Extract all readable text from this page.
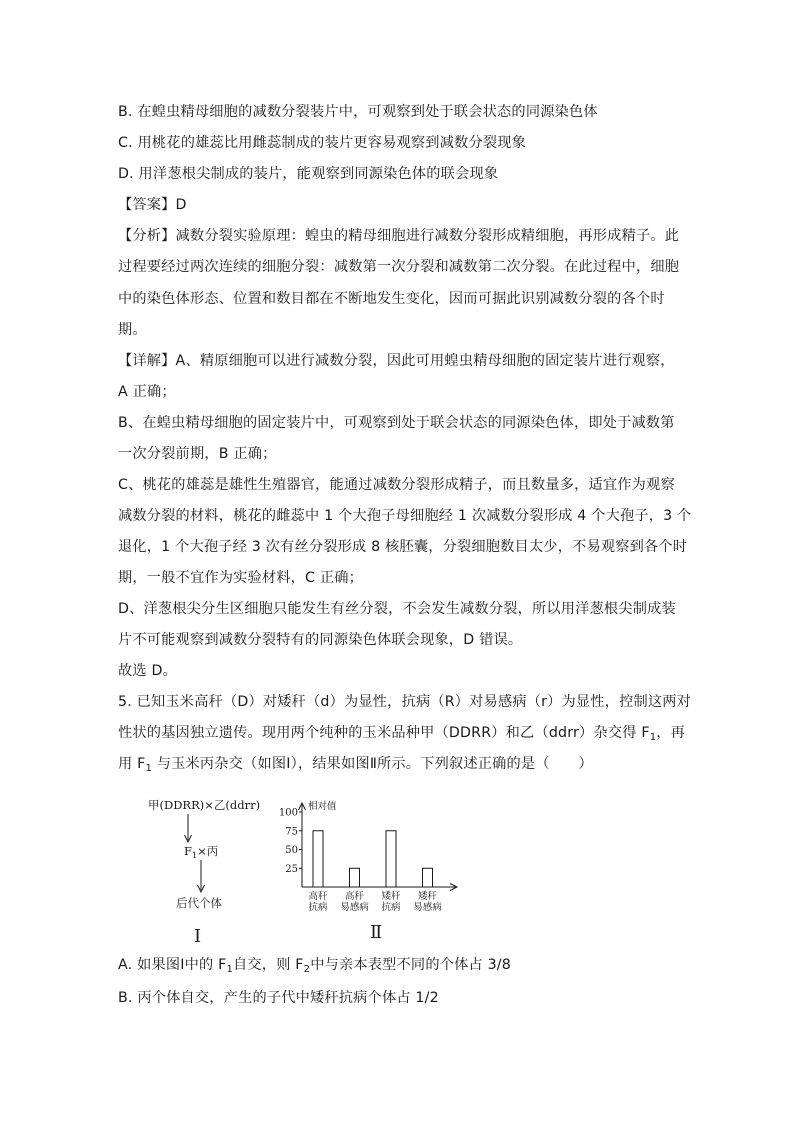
B. 在蝗虫精母细胞的减数分裂装片中，可观察到处于联会状态的同源染色体
C. 用桃花的雄蕊比用雌蕊制成的装片更容易观察到减数分裂现象
D. 用洋葱根尖制成的装片，能观察到同源染色体的联会现象
【答案】D
【分析】减数分裂实验原理：蝗虫的精母细胞进行减数分裂形成精细胞，再形成精子。此
过程要经过两次连续的细胞分裂：减数第一次分裂和减数第二次分裂。在此过程中，细胞
中的染色体形态、位置和数目都在不断地发生变化，因而可据此识别减数分裂的各个时
期。
【详解】A、精原细胞可以进行减数分裂，因此可用蝗虫精母细胞的固定装片进行观察，
A 正确；
B、在蝗虫精母细胞的固定装片中，可观察到处于联会状态的同源染色体，即处于减数第
一次分裂前期，B 正确；
C、桃花的雄蕊是雄性生殖器官，能通过减数分裂形成精子，而且数量多，适宜作为观察
减数分裂的材料，桃花的雌蕊中 1 个大孢子母细胞经 1 次减数分裂形成 4 个大孢子，3 个
退化，1 个大孢子经 3 次有丝分裂形成 8 核胚囊，分裂细胞数目太少，不易观察到各个时
期，一般不宜作为实验材料，C 正确；
D、洋葱根尖分生区细胞只能发生有丝分裂，不会发生减数分裂，所以用洋葱根尖制成装
片不可能观察到减数分裂特有的同源染色体联会现象，D 错误。
故选 D。
5. 已知玉米高秆（D）对矮秆（d）为显性，抗病（R）对易感病（r）为显性，控制这两对
性状的基因独立遗传。现用两个纯种的玉米品种甲（DDRR）和乙（ddrr）杂交得 $F_1$，再
用 $F_1$ 与玉米丙杂交（如图Ⅰ），结果如图Ⅱ所示。下列叙述正确的是（　　）
甲(DDRR)×乙(ddrr)
$F_1\times$丙
后代个体
Ⅰ
相对值
25
50
75
100
高秆
抗病
高秆
易感病
矮秆
抗病
矮秆
易感病
Ⅱ
A. 如果图Ⅰ中的 $F_1$自交，则 $F_2$中与亲本表型不同的个体占 3/8
B. 丙个体自交，产生的子代中矮秆抗病个体占 1/2
